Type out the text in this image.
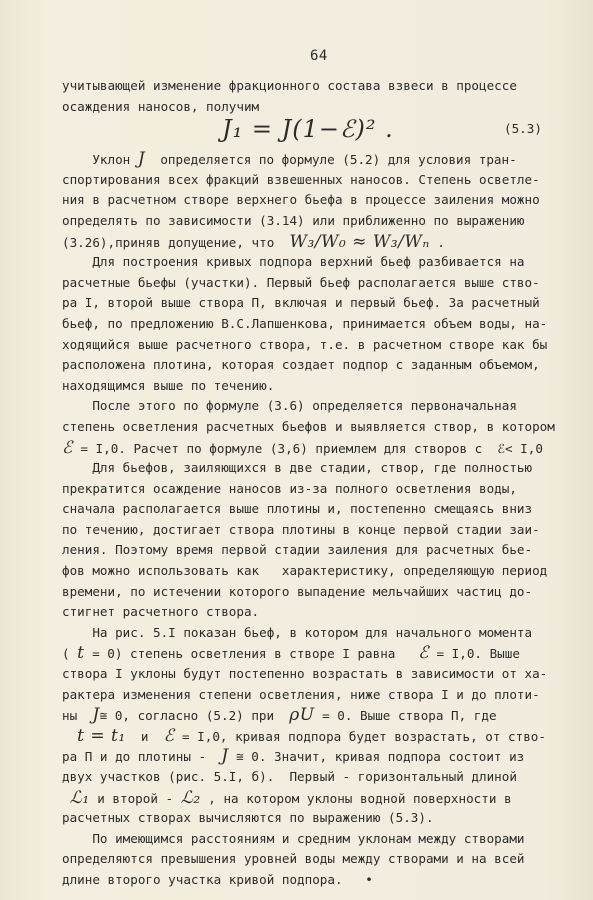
64
учитывающей изменение фракционного состава взвеси в процессе
осаждения наносов, получим
J₁ = J(1−ℰ)² .	(5.3)
Уклон J  определяется по формуле (5.2) для условия тран-
спортирования всех фракций взвешенных наносов. Степень осветле-
ния в расчетном створе верхнего бьефа в процессе заиления можно
определять по зависимости (3.14) или приближенно по выражению
(3.26),приняв допущение, что  W₃/W₀ ≈ W₃/Wₙ .
Для построения кривых подпора верхний бьеф разбивается на
расчетные бьефы (участки). Первый бьеф располагается выше ство-
ра I, второй выше створа П, включая и первый бьеф. За расчетный
бьеф, по предложению В.С.Лапшенкова, принимается объем воды, на-
ходящийся выше расчетного створа, т.е. в расчетном створе как бы
расположена плотина, которая создает подпор с заданным объемом,
находящимся выше по течению.
После этого по формуле (3.6) определяется первоначальная
степень осветления расчетных бьефов и выявляется створ, в котором
ℰ = I,0. Расчет по формуле (3,6) приемлем для створов с  ℰ< I,0
Для бьефов, заиляющихся в две стадии, створ, где полностью
прекратится осаждение наносов из-за полного осветления воды,
сначала располагается выше плотины и, постепенно смещаясь вниз
по течению, достигает створа плотины в конце первой стадии заи-
ления. Поэтому время первой стадии заиления для расчетных бье-
фов можно использовать как   характеристику, определяющую период
времени, по истечении которого выпадение мельчайших частиц до-
стигнет расчетного створа.
На рис. 5.I показан бьеф, в котором для начального момента
( t = 0) степень осветления в створе I равна   ℰ = I,0. Выше
створа I уклоны будут постепенно возрастать в зависимости от ха-
рактера изменения степени осветления, ниже створа I и до плоти-
ны  J≅ 0, согласно (5.2) при  ρU = 0. Выше створа П, где
t = t₁  и  ℰ = I,0, кривая подпора будет возрастать, от ство-
ра П и до плотины -  J ≅ 0. Значит, кривая подпора состоит из
двух участков (рис. 5.I, б).  Первый - горизонтальный длиной
ℒ₁ и второй - ℒ₂ , на котором уклоны водной поверхности в
расчетных створах вычисляются по выражению (5.3).
По имеющимся расстояниям и средним уклонам между створами
определяются превышения уровней воды между створами и на всей
длине второго участка кривой подпора.   •
